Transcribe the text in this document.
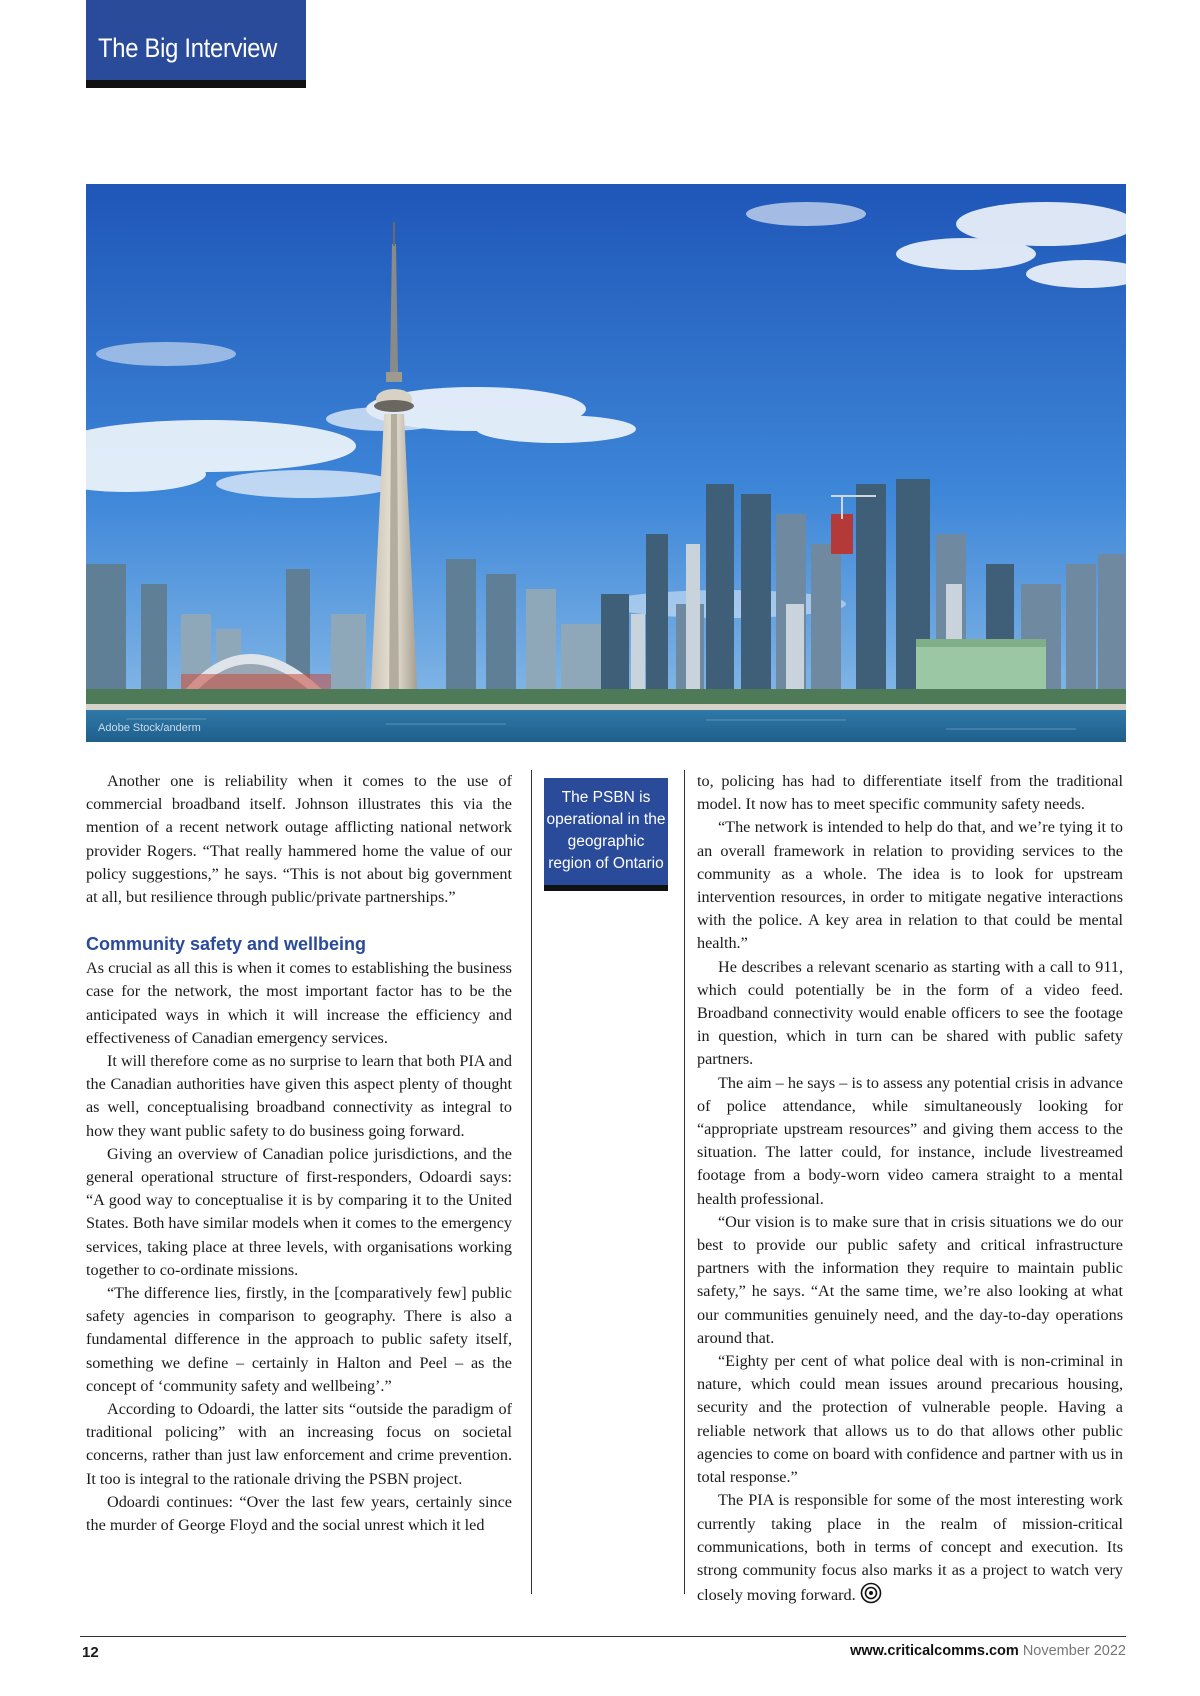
The Big Interview
Adobe Stock/anderm

Another one is reliability when it comes to the use of commercial broadband itself. Johnson illustrates this via the mention of a recent network outage afflicting national network provider Rogers. “That really hammered home the value of our policy suggestions,” he says. “This is not about big government at all, but resilience through public/private partnerships.”

Community safety and wellbeing

As crucial as all this is when it comes to establishing the business case for the network, the most important factor has to be the anticipated ways in which it will increase the efficiency and effectiveness of Canadian emergency services.

It will therefore come as no surprise to learn that both PIA and the Canadian authorities have given this aspect plenty of thought as well, conceptualising broadband connectivity as integral to how they want public safety to do business going forward.

Giving an overview of Canadian police jurisdictions, and the general operational structure of first-responders, Odoardi says: “A good way to conceptualise it is by comparing it to the United States. Both have similar models when it comes to the emergency services, taking place at three levels, with organisations working together to co-ordinate missions.

“The difference lies, firstly, in the [comparatively few] public safety agencies in comparison to geography. There is also a fundamental difference in the approach to public safety itself, something we define – certainly in Halton and Peel – as the concept of ‘community safety and wellbeing’.”

According to Odoardi, the latter sits “outside the paradigm of traditional policing” with an increasing focus on societal concerns, rather than just law enforcement and crime prevention. It too is integral to the rationale driving the PSBN project.

Odoardi continues: “Over the last few years, certainly since the murder of George Floyd and the social unrest which it led

The PSBN is operational in the geographic region of Ontario

to, policing has had to differentiate itself from the traditional model. It now has to meet specific community safety needs.

“The network is intended to help do that, and we’re tying it to an overall framework in relation to providing services to the community as a whole. The idea is to look for upstream intervention resources, in order to mitigate negative interactions with the police. A key area in relation to that could be mental health.”

He describes a relevant scenario as starting with a call to 911, which could potentially be in the form of a video feed. Broadband connectivity would enable officers to see the footage in question, which in turn can be shared with public safety partners.

The aim – he says – is to assess any potential crisis in advance of police attendance, while simultaneously looking for “appropriate upstream resources” and giving them access to the situation. The latter could, for instance, include livestreamed footage from a body-worn video camera straight to a mental health professional.

“Our vision is to make sure that in crisis situations we do our best to provide our public safety and critical infrastructure partners with the information they require to maintain public safety,” he says. “At the same time, we’re also looking at what our communities genuinely need, and the day-to-day operations around that.

“Eighty per cent of what police deal with is non-criminal in nature, which could mean issues around precarious housing, security and the protection of vulnerable people. Having a reliable network that allows us to do that allows other public agencies to come on board with confidence and partner with us in total response.”

The PIA is responsible for some of the most interesting work currently taking place in the realm of mission-critical communications, both in terms of concept and execution. Its strong community focus also marks it as a project to watch very closely moving forward.

12	www.criticalcomms.com November 2022
